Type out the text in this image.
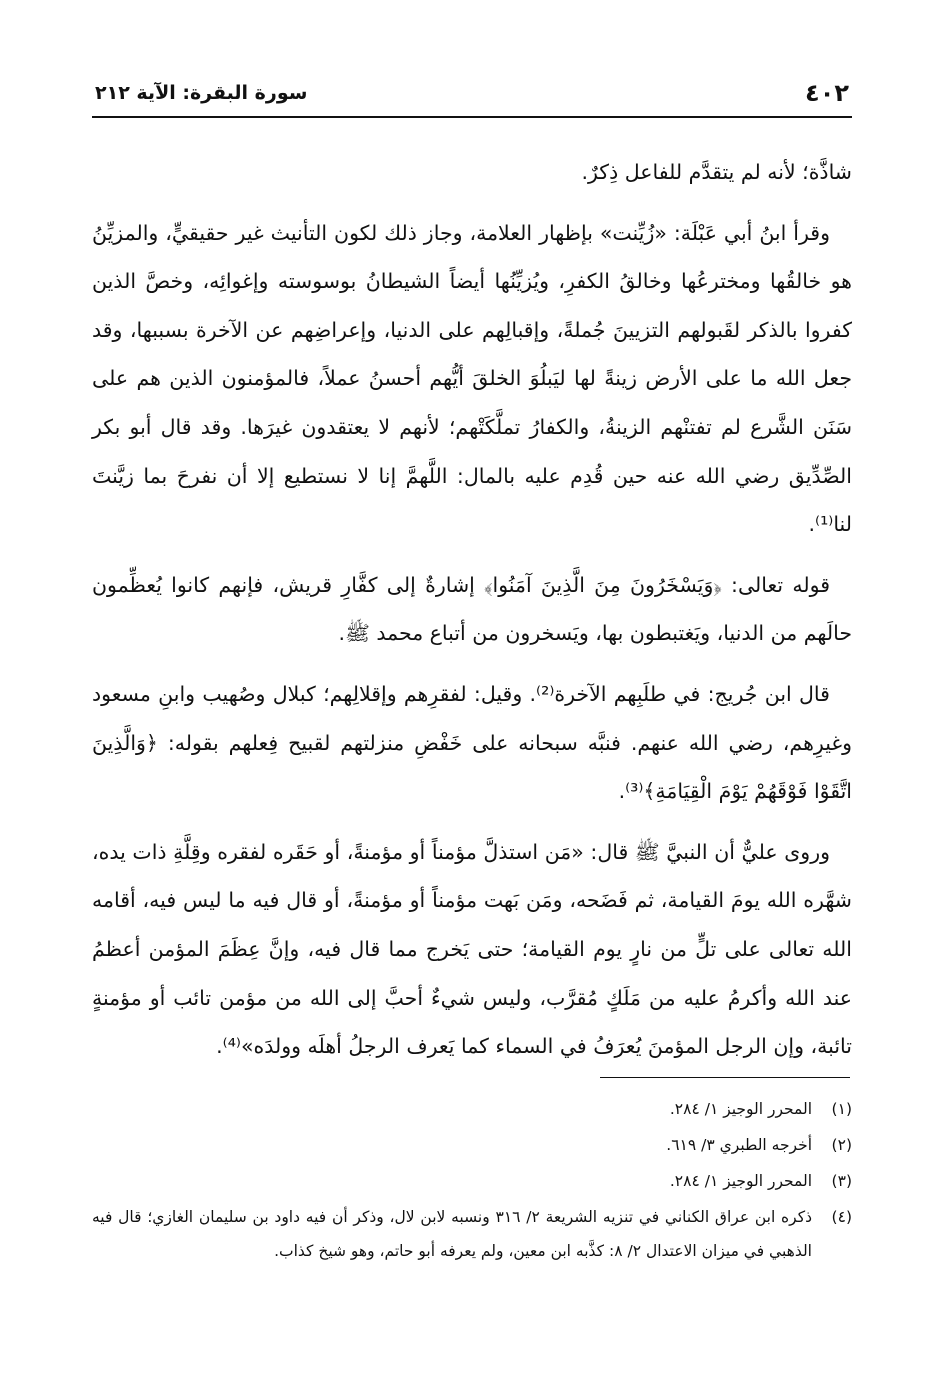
٤٠٢
سورة البقرة: الآية ٢١٢

شاذَّة؛ لأنه لم يتقدَّم للفاعل ذِكرٌ.

وقرأ ابنُ أبي عَبْلَة: «زُيِّنت» بإظهار العلامة، وجاز ذلك لكون التأنيث غير حقيقيٍّ، والمزيِّنُ هو خالقُها ومخترعُها وخالقُ الكفرِ، ويُزيِّنُها أيضاً الشيطانُ بوسوسته وإغوائِه، وخصَّ الذين كفروا بالذكر لقَبولهم التزيينَ جُملةً، وإقبالِهم على الدنيا، وإعراضِهم عن الآخرة بسببها، وقد جعل الله ما على الأرض زينةً لها ليَبلُوَ الخلقَ أيُّهم أحسنُ عملاً، فالمؤمنون الذين هم على سَنَن الشَّرع لم تفتنْهم الزينةُ، والكفارُ تملَّكَتْهم؛ لأنهم لا يعتقدون غيرَها. وقد قال أبو بكر الصِّدِّيق رضي الله عنه حين قُدِم عليه بالمال: اللَّهمَّ إنا لا نستطيع إلا أن نفرحَ بما زيَّنتَ لنا⁽¹⁾.

قوله تعالى: ﴿وَيَسْخَرُونَ مِنَ الَّذِينَ آمَنُوا﴾ إشارةٌ إلى كفَّارِ قريش، فإنهم كانوا يُعظِّمون حالَهم من الدنيا، ويَغتبطون بها، ويَسخرون من أتباع محمد ﷺ.

قال ابن جُريج: في طلَبِهم الآخرة⁽²⁾. وقيل: لفقرِهم وإقلالِهم؛ كبلال وصُهيب وابنِ مسعود وغيرِهم، رضي الله عنهم. فنبَّه سبحانه على خَفْضِ منزلتهم لقبيح فِعلهم بقوله: ﴿وَالَّذِينَ اتَّقَوْا فَوْقَهُمْ يَوْمَ الْقِيَامَةِ﴾⁽³⁾.

وروى عليٌّ أن النبيَّ ﷺ قال: «مَن استذلَّ مؤمناً أو مؤمنةً، أو حَقَره لفقره وقِلَّةِ ذات يده، شهَّره الله يومَ القيامة، ثم فَضَحه، ومَن بَهت مؤمناً أو مؤمنةً، أو قال فيه ما ليس فيه، أقامه الله تعالى على تلٍّ من نارٍ يوم القيامة؛ حتى يَخرج مما قال فيه، وإنَّ عِظَمَ المؤمن أعظمُ عند الله وأكرمُ عليه من مَلَكٍ مُقرَّب، وليس شيءٌ أحبَّ إلى الله من مؤمن تائب أو مؤمنةٍ تائبة، وإن الرجل المؤمنَ يُعرَفُ في السماء كما يَعرف الرجلُ أهلَه وولدَه»⁽⁴⁾.

(١)
المحرر الوجيز ١/ ٢٨٤.
(٢)
أخرجه الطبري ٣/ ٦١٩.
(٣)
المحرر الوجيز ١/ ٢٨٤.
(٤)
ذكره ابن عراق الكناني في تنزيه الشريعة ٢/ ٣١٦ ونسبه لابن لال، وذكر أن فيه داود بن سليمان الغازي؛ قال فيه الذهبي في ميزان الاعتدال ٢/ ٨: كذَّبه ابن معين، ولم يعرفه أبو حاتم، وهو شيخ كذاب.
